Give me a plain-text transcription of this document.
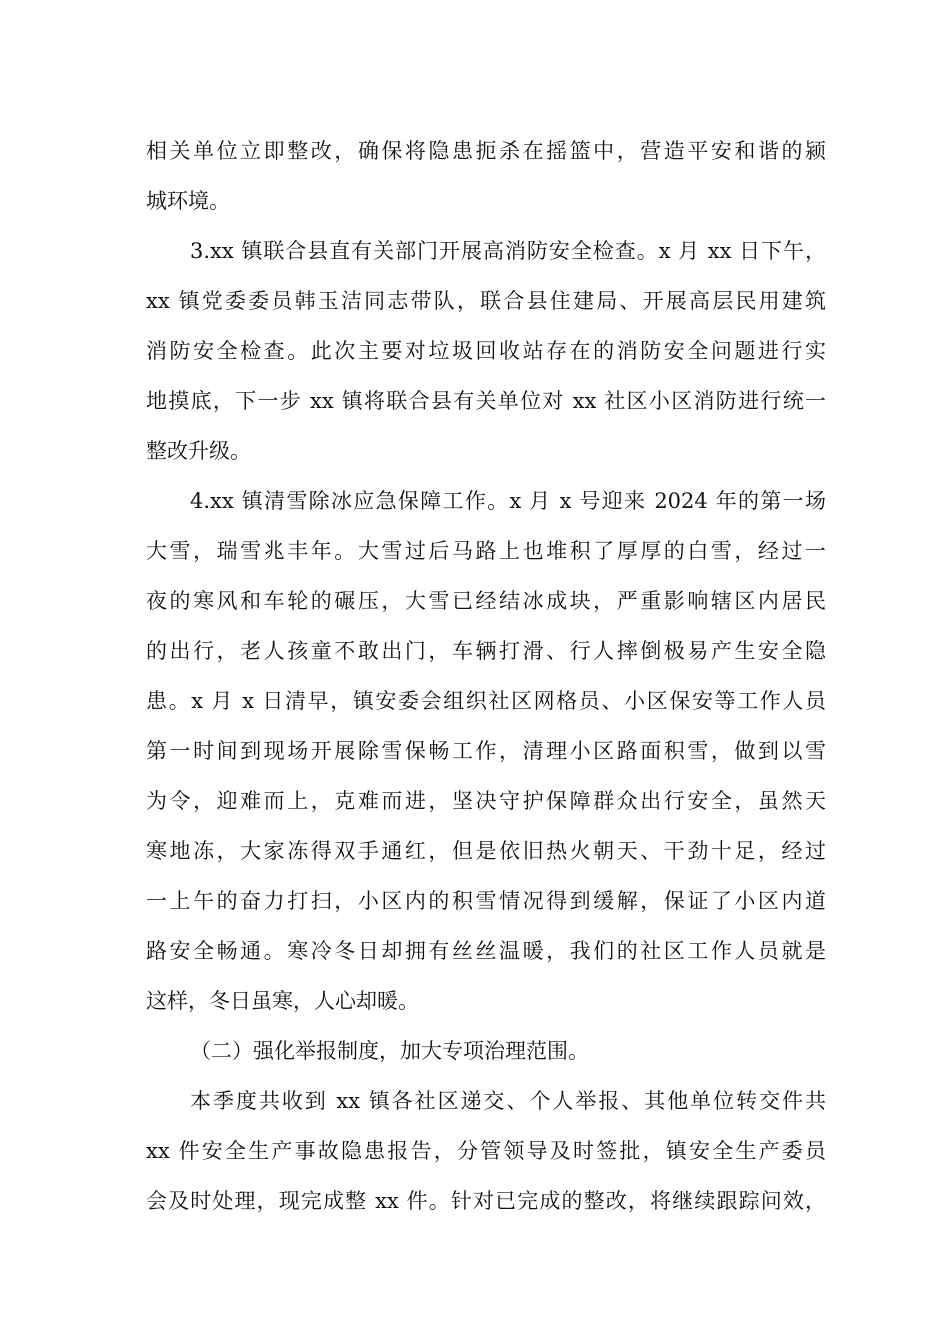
相关单位立即整改，确保将隐患扼杀在摇篮中，营造平安和谐的颍
城环境。
3.xx 镇联合县直有关部门开展高消防安全检查。x 月 xx 日下午，
xx 镇党委委员韩玉洁同志带队，联合县住建局、开展高层民用建筑
消防安全检查。此次主要对垃圾回收站存在的消防安全问题进行实
地摸底，下一步 xx 镇将联合县有关单位对 xx 社区小区消防进行统一
整改升级。
4.xx 镇清雪除冰应急保障工作。x 月 x 号迎来 2024 年的第一场
大雪，瑞雪兆丰年。大雪过后马路上也堆积了厚厚的白雪，经过一
夜的寒风和车轮的碾压，大雪已经结冰成块，严重影响辖区内居民
的出行，老人孩童不敢出门，车辆打滑、行人摔倒极易产生安全隐
患。x 月 x 日清早，镇安委会组织社区网格员、小区保安等工作人员
第一时间到现场开展除雪保畅工作，清理小区路面积雪，做到以雪
为令，迎难而上，克难而进，坚决守护保障群众出行安全，虽然天
寒地冻，大家冻得双手通红，但是依旧热火朝天、干劲十足，经过
一上午的奋力打扫，小区内的积雪情况得到缓解，保证了小区内道
路安全畅通。寒冷冬日却拥有丝丝温暖，我们的社区工作人员就是
这样，冬日虽寒，人心却暖。
（二）强化举报制度，加大专项治理范围。
本季度共收到 xx 镇各社区递交、个人举报、其他单位转交件共
xx 件安全生产事故隐患报告，分管领导及时签批，镇安全生产委员
会及时处理，现完成整 xx 件。针对已完成的整改，将继续跟踪问效，
